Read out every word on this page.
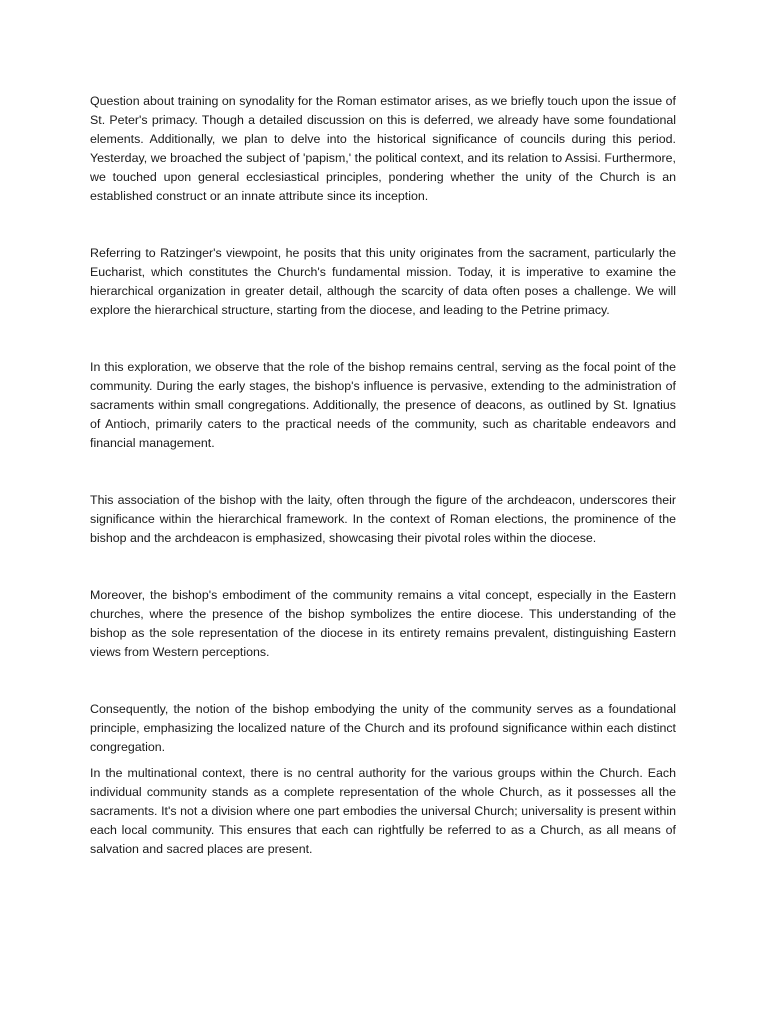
Question about training on synodality for the Roman estimator arises, as we briefly touch upon the issue of St. Peter's primacy. Though a detailed discussion on this is deferred, we already have some foundational elements. Additionally, we plan to delve into the historical significance of councils during this period. Yesterday, we broached the subject of 'papism,' the political context, and its relation to Assisi. Furthermore, we touched upon general ecclesiastical principles, pondering whether the unity of the Church is an established construct or an innate attribute since its inception.

Referring to Ratzinger's viewpoint, he posits that this unity originates from the sacrament, particularly the Eucharist, which constitutes the Church's fundamental mission. Today, it is imperative to examine the hierarchical organization in greater detail, although the scarcity of data often poses a challenge. We will explore the hierarchical structure, starting from the diocese, and leading to the Petrine primacy.

In this exploration, we observe that the role of the bishop remains central, serving as the focal point of the community. During the early stages, the bishop's influence is pervasive, extending to the administration of sacraments within small congregations. Additionally, the presence of deacons, as outlined by St. Ignatius of Antioch, primarily caters to the practical needs of the community, such as charitable endeavors and financial management.

This association of the bishop with the laity, often through the figure of the archdeacon, underscores their significance within the hierarchical framework. In the context of Roman elections, the prominence of the bishop and the archdeacon is emphasized, showcasing their pivotal roles within the diocese.

Moreover, the bishop's embodiment of the community remains a vital concept, especially in the Eastern churches, where the presence of the bishop symbolizes the entire diocese. This understanding of the bishop as the sole representation of the diocese in its entirety remains prevalent, distinguishing Eastern views from Western perceptions.

Consequently, the notion of the bishop embodying the unity of the community serves as a foundational principle, emphasizing the localized nature of the Church and its profound significance within each distinct congregation.

In the multinational context, there is no central authority for the various groups within the Church. Each individual community stands as a complete representation of the whole Church, as it possesses all the sacraments. It's not a division where one part embodies the universal Church; universality is present within each local community. This ensures that each can rightfully be referred to as a Church, as all means of salvation and sacred places are present.
